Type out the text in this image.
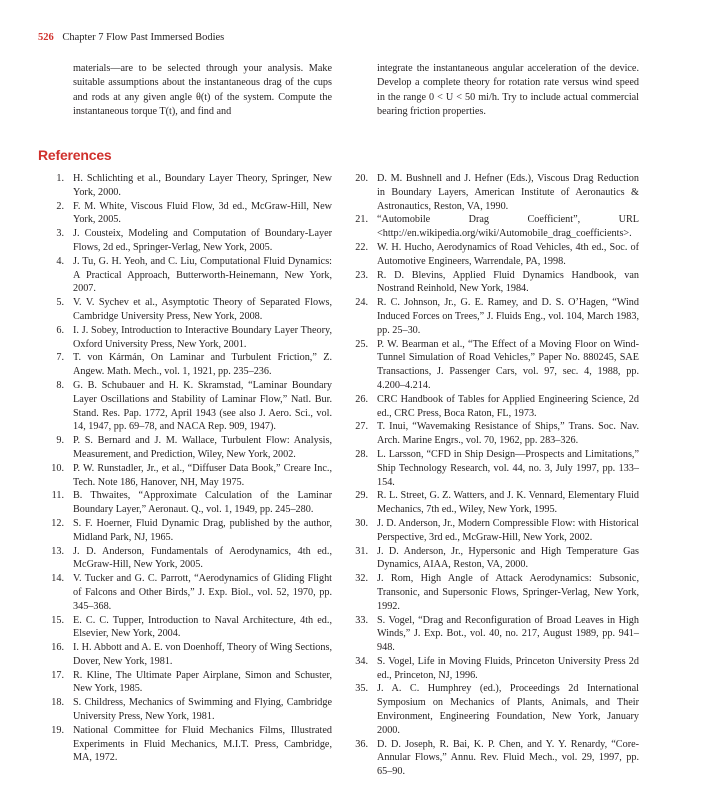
526 Chapter 7 Flow Past Immersed Bodies

materials—are to be selected through your analysis. Make suitable assumptions about the instantaneous drag of the cups and rods at any given angle θ(t) of the system. Compute the instantaneous torque T(t), and find and

integrate the instantaneous angular acceleration of the device. Develop a complete theory for rotation rate versus wind speed in the range 0 < U < 50 mi/h. Try to include actual commercial bearing friction properties.

References
1. H. Schlichting et al., Boundary Layer Theory, Springer, New York, 2000.
2. F. M. White, Viscous Fluid Flow, 3d ed., McGraw-Hill, New York, 2005.
3. J. Cousteix, Modeling and Computation of Boundary-Layer Flows, 2d ed., Springer-Verlag, New York, 2005.
4. J. Tu, G. H. Yeoh, and C. Liu, Computational Fluid Dynamics: A Practical Approach, Butterworth-Heinemann, New York, 2007.
5. V. V. Sychev et al., Asymptotic Theory of Separated Flows, Cambridge University Press, New York, 2008.
6. I. J. Sobey, Introduction to Interactive Boundary Layer Theory, Oxford University Press, New York, 2001.
7. T. von Kármán, On Laminar and Turbulent Friction,” Z. Angew. Math. Mech., vol. 1, 1921, pp. 235–236.
8. G. B. Schubauer and H. K. Skramstad, “Laminar Boundary Layer Oscillations and Stability of Laminar Flow,” Natl. Bur. Stand. Res. Pap. 1772, April 1943 (see also J. Aero. Sci., vol. 14, 1947, pp. 69–78, and NACA Rep. 909, 1947).
9. P. S. Bernard and J. M. Wallace, Turbulent Flow: Analysis, Measurement, and Prediction, Wiley, New York, 2002.
10. P. W. Runstadler, Jr., et al., “Diffuser Data Book,” Creare Inc., Tech. Note 186, Hanover, NH, May 1975.
11. B. Thwaites, “Approximate Calculation of the Laminar Boundary Layer,” Aeronaut. Q., vol. 1, 1949, pp. 245–280.
12. S. F. Hoerner, Fluid Dynamic Drag, published by the author, Midland Park, NJ, 1965.
13. J. D. Anderson, Fundamentals of Aerodynamics, 4th ed., McGraw-Hill, New York, 2005.
14. V. Tucker and G. C. Parrott, “Aerodynamics of Gliding Flight of Falcons and Other Birds,” J. Exp. Biol., vol. 52, 1970, pp. 345–368.
15. E. C. C. Tupper, Introduction to Naval Architecture, 4th ed., Elsevier, New York, 2004.
16. I. H. Abbott and A. E. von Doenhoff, Theory of Wing Sections, Dover, New York, 1981.
17. R. Kline, The Ultimate Paper Airplane, Simon and Schuster, New York, 1985.
18. S. Childress, Mechanics of Swimming and Flying, Cambridge University Press, New York, 1981.
19. National Committee for Fluid Mechanics Films, Illustrated Experiments in Fluid Mechanics, M.I.T. Press, Cambridge, MA, 1972.
20. D. M. Bushnell and J. Hefner (Eds.), Viscous Drag Reduction in Boundary Layers, American Institute of Aeronautics & Astronautics, Reston, VA, 1990.
21. “Automobile Drag Coefficient”, URL <http://en.wikipedia.org/wiki/Automobile_drag_coefficients>.
22. W. H. Hucho, Aerodynamics of Road Vehicles, 4th ed., Soc. of Automotive Engineers, Warrendale, PA, 1998.
23. R. D. Blevins, Applied Fluid Dynamics Handbook, van Nostrand Reinhold, New York, 1984.
24. R. C. Johnson, Jr., G. E. Ramey, and D. S. O’Hagen, “Wind Induced Forces on Trees,” J. Fluids Eng., vol. 104, March 1983, pp. 25–30.
25. P. W. Bearman et al., “The Effect of a Moving Floor on Wind-Tunnel Simulation of Road Vehicles,” Paper No. 880245, SAE Transactions, J. Passenger Cars, vol. 97, sec. 4, 1988, pp. 4.200–4.214.
26. CRC Handbook of Tables for Applied Engineering Science, 2d ed., CRC Press, Boca Raton, FL, 1973.
27. T. Inui, “Wavemaking Resistance of Ships,” Trans. Soc. Nav. Arch. Marine Engrs., vol. 70, 1962, pp. 283–326.
28. L. Larsson, “CFD in Ship Design—Prospects and Limitations,” Ship Technology Research, vol. 44, no. 3, July 1997, pp. 133–154.
29. R. L. Street, G. Z. Watters, and J. K. Vennard, Elementary Fluid Mechanics, 7th ed., Wiley, New York, 1995.
30. J. D. Anderson, Jr., Modern Compressible Flow: with Historical Perspective, 3rd ed., McGraw-Hill, New York, 2002.
31. J. D. Anderson, Jr., Hypersonic and High Temperature Gas Dynamics, AIAA, Reston, VA, 2000.
32. J. Rom, High Angle of Attack Aerodynamics: Subsonic, Transonic, and Supersonic Flows, Springer-Verlag, New York, 1992.
33. S. Vogel, “Drag and Reconfiguration of Broad Leaves in High Winds,” J. Exp. Bot., vol. 40, no. 217, August 1989, pp. 941–948.
34. S. Vogel, Life in Moving Fluids, Princeton University Press 2d ed., Princeton, NJ, 1996.
35. J. A. C. Humphrey (ed.), Proceedings 2d International Symposium on Mechanics of Plants, Animals, and Their Environment, Engineering Foundation, New York, January 2000.
36. D. D. Joseph, R. Bai, K. P. Chen, and Y. Y. Renardy, “Core-Annular Flows,” Annu. Rev. Fluid Mech., vol. 29, 1997, pp. 65–90.
